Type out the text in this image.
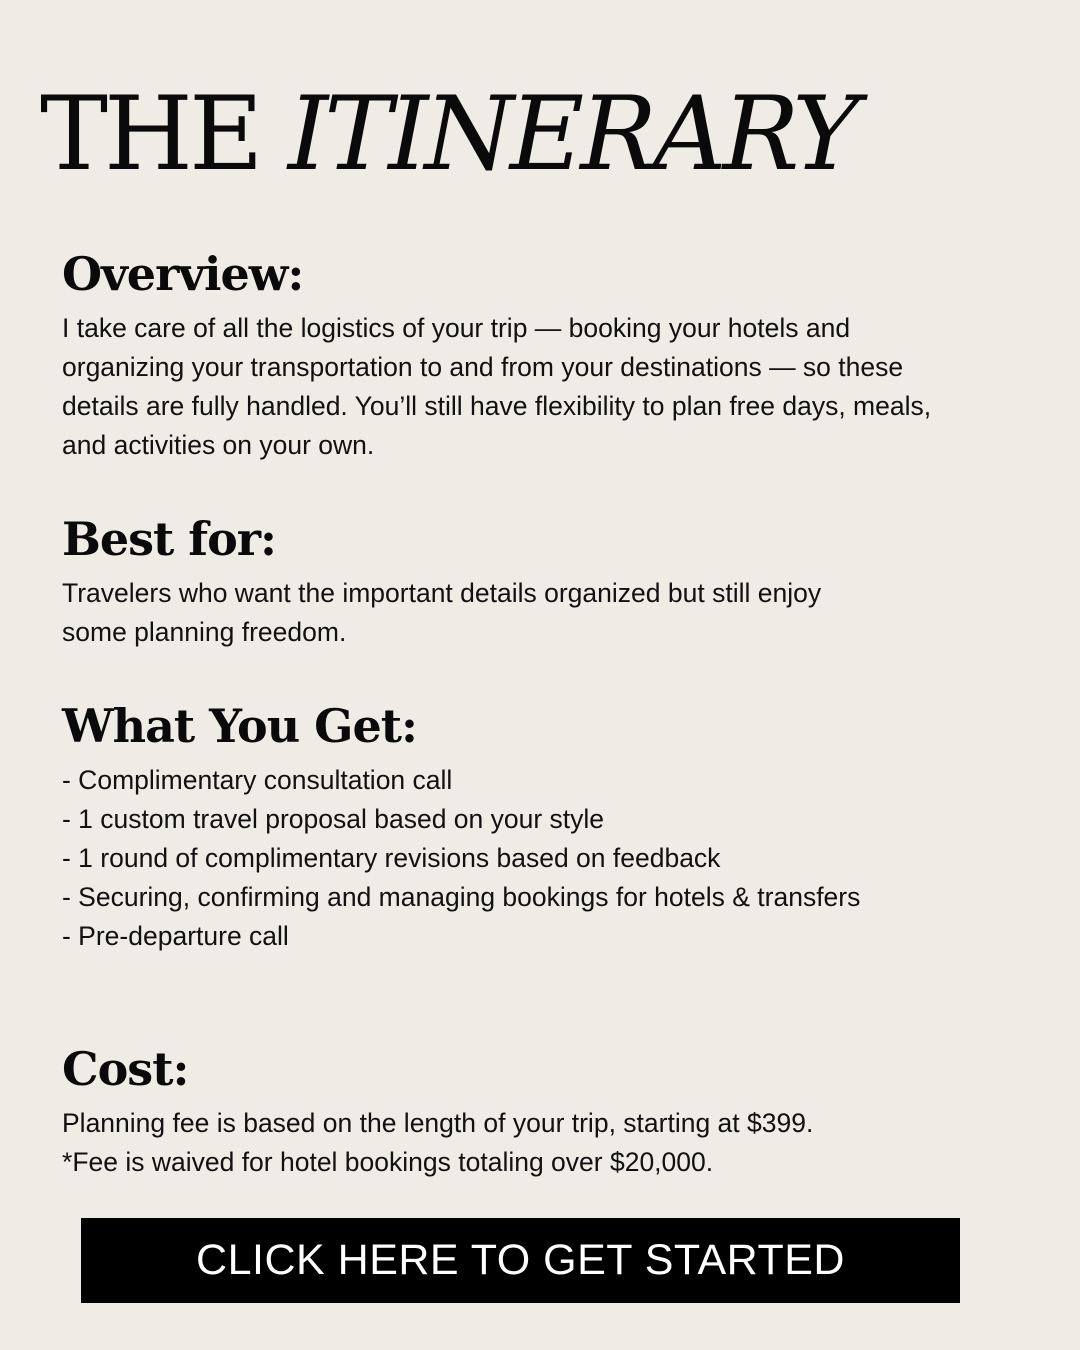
THE ITINERARY
Overview:

I take care of all the logistics of your trip — booking your hotels and organizing your transportation to and from your destinations — so these details are fully handled. You’ll still have flexibility to plan free days, meals, and activities on your own.

Best for:

Travelers who want the important details organized but still enjoy some planning freedom.

What You Get:
- Complimentary consultation call
- 1 custom travel proposal based on your style
- 1 round of complimentary revisions based on feedback
- Securing, confirming and managing bookings for hotels & transfers
- Pre-departure call
Cost:

Planning fee is based on the length of your trip, starting at $399.
*Fee is waived for hotel bookings totaling over $20,000.

CLICK HERE TO GET STARTED
